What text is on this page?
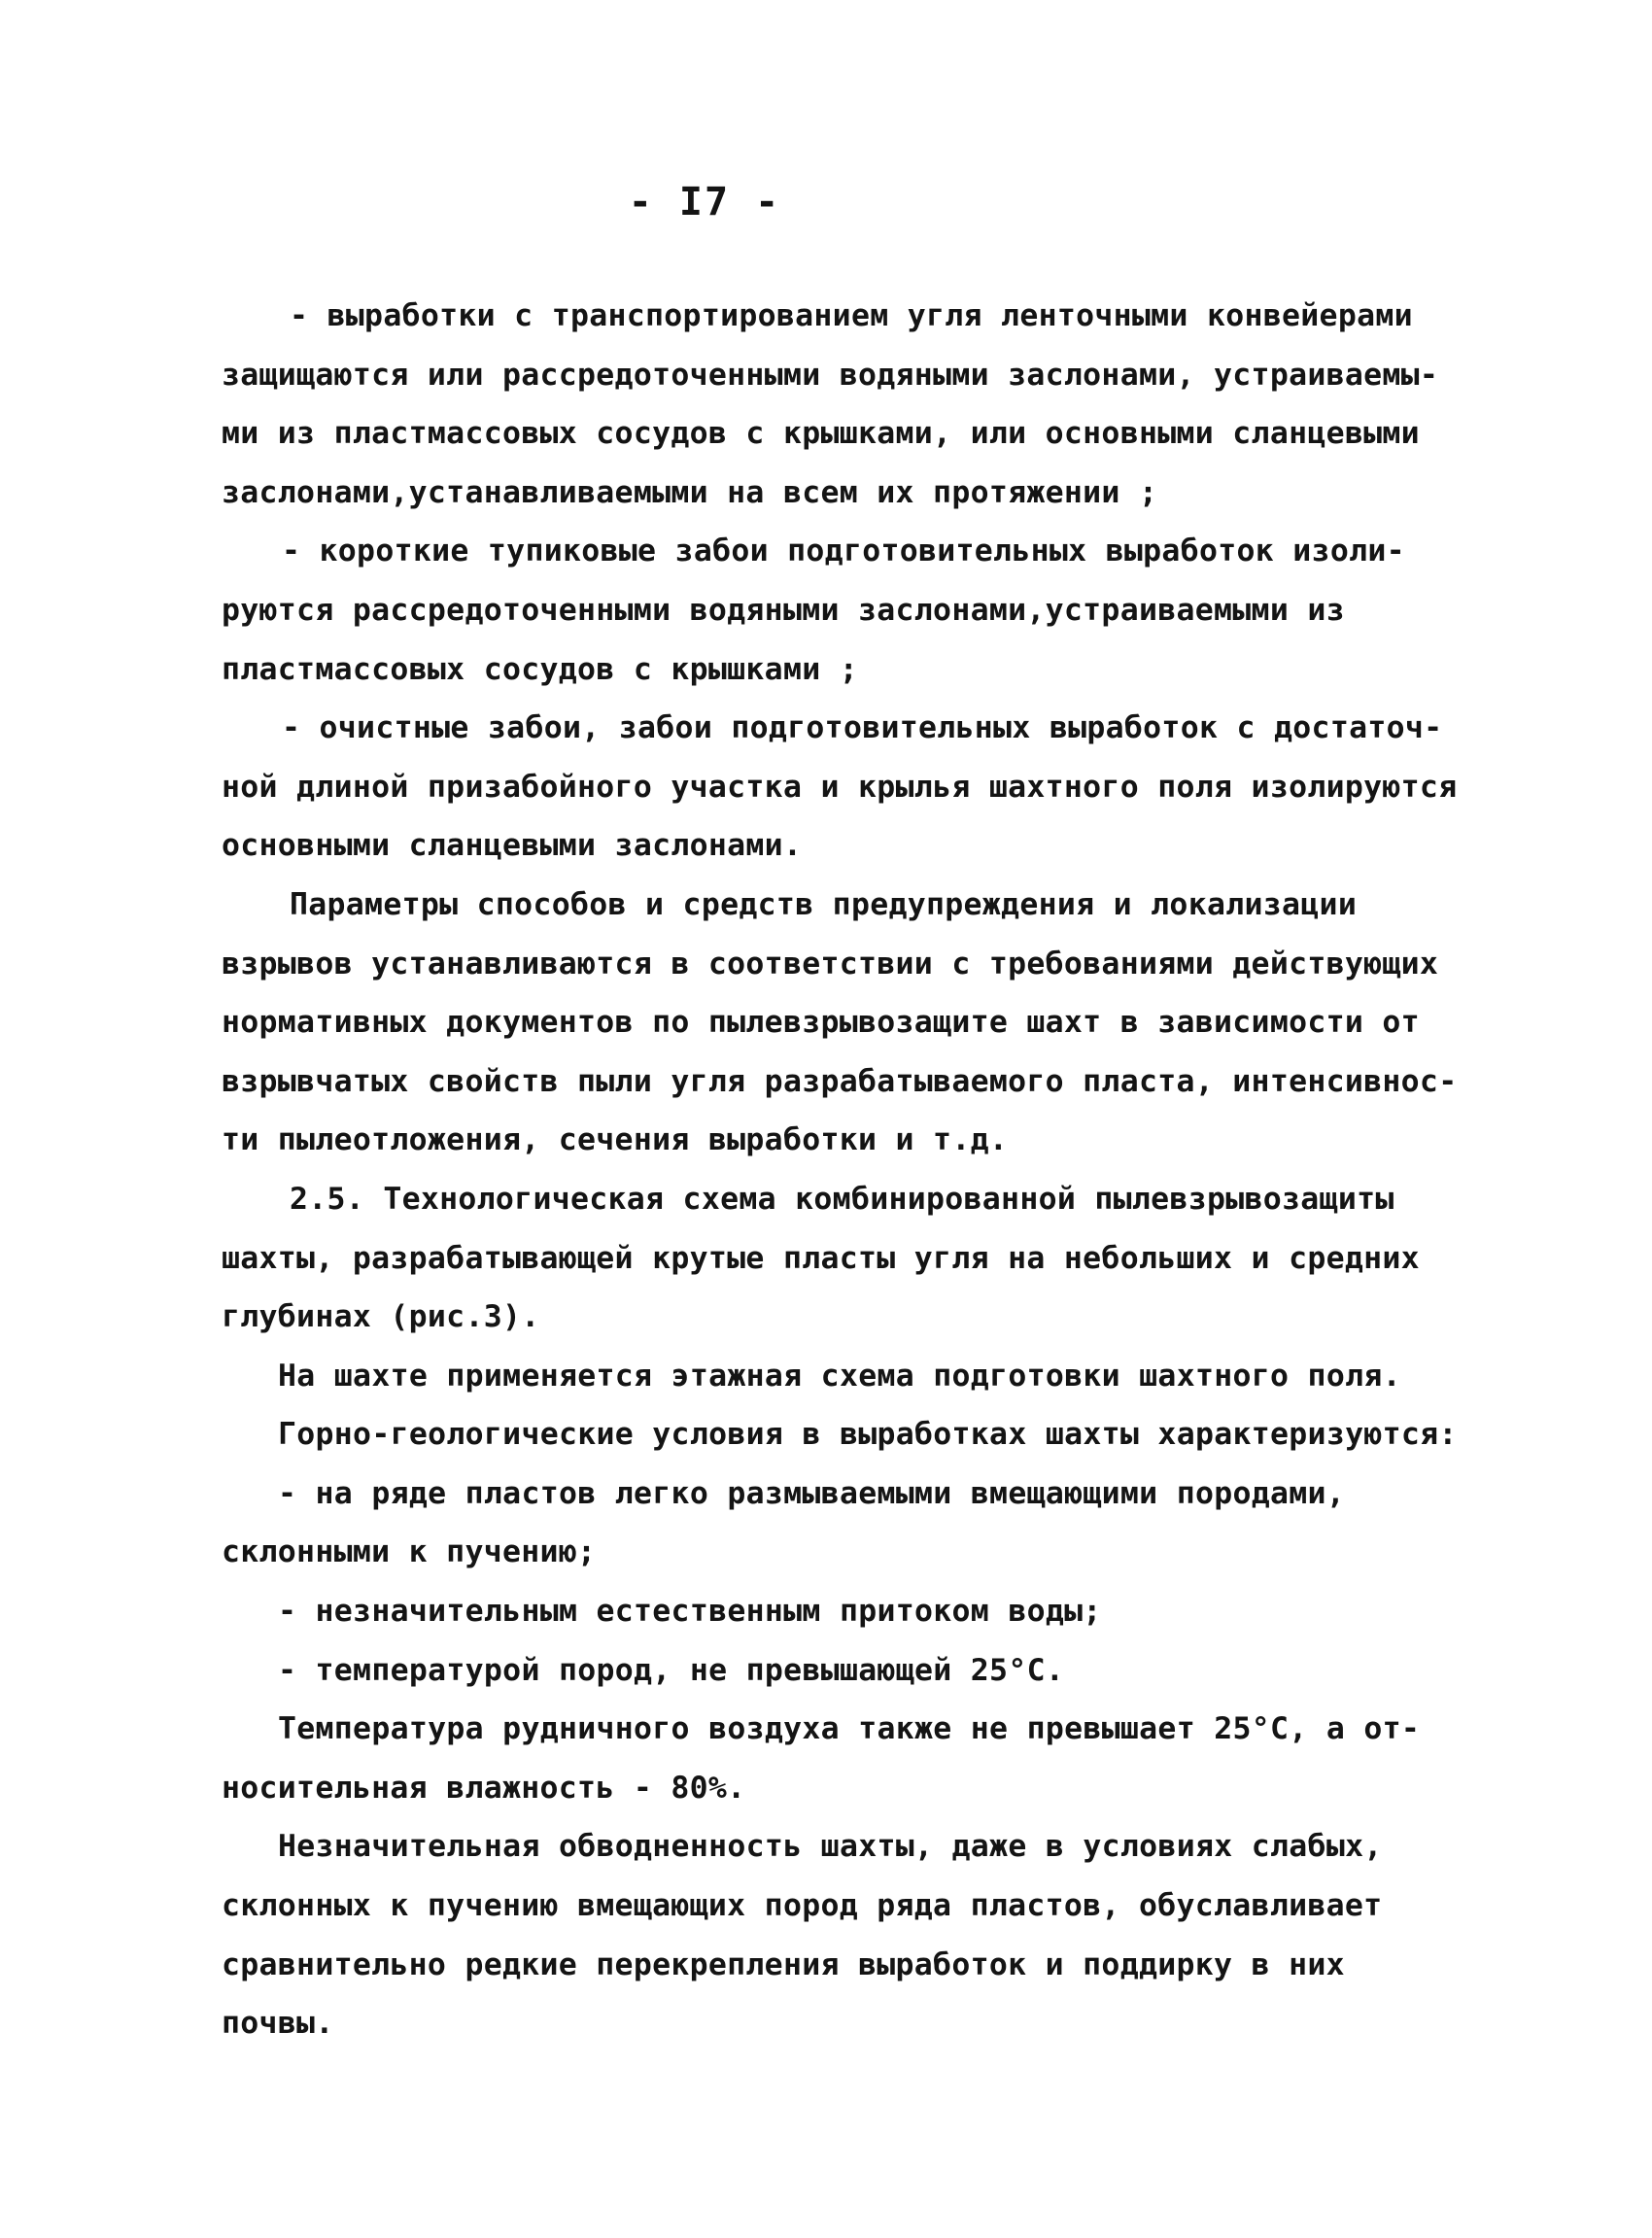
- I7 -
- выработки с транспортированием угля ленточными конвейерами
защищаются или рассредоточенными водяными заслонами, устраиваемы-
ми из пластмассовых сосудов с крышками, или основными сланцевыми
заслонами,устанавливаемыми на всем их протяжении ;
- короткие тупиковые забои подготовительных выработок изоли-
руются рассредоточенными водяными заслонами,устраиваемыми из
пластмассовых сосудов с крышками ;
- очистные забои, забои подготовительных выработок с достаточ-
ной длиной призабойного участка и крылья шахтного поля изолируются
основными сланцевыми заслонами.
Параметры способов и средств предупреждения и локализации
взрывов устанавливаются в соответствии с требованиями действующих
нормативных документов по пылевзрывозащите шахт в зависимости от
взрывчатых свойств пыли угля разрабатываемого пласта, интенсивнос-
ти пылеотложения, сечения выработки и т.д.
2.5. Технологическая схема комбинированной пылевзрывозащиты
шахты, разрабатывающей крутые пласты угля на небольших и средних
глубинах (рис.3).
На шахте применяется этажная схема подготовки шахтного поля.
Горно-геологические условия в выработках шахты характеризуются:
- на ряде пластов легко размываемыми вмещающими породами,
склонными к пучению;
- незначительным естественным притоком воды;
- температурой пород, не превышающей 25°С.
Температура рудничного воздуха также не превышает 25°С, а от-
носительная влажность - 80%.
Незначительная обводненность шахты, даже в условиях слабых,
склонных к пучению вмещающих пород ряда пластов, обуславливает
сравнительно редкие перекрепления выработок и поддирку в них
почвы.
